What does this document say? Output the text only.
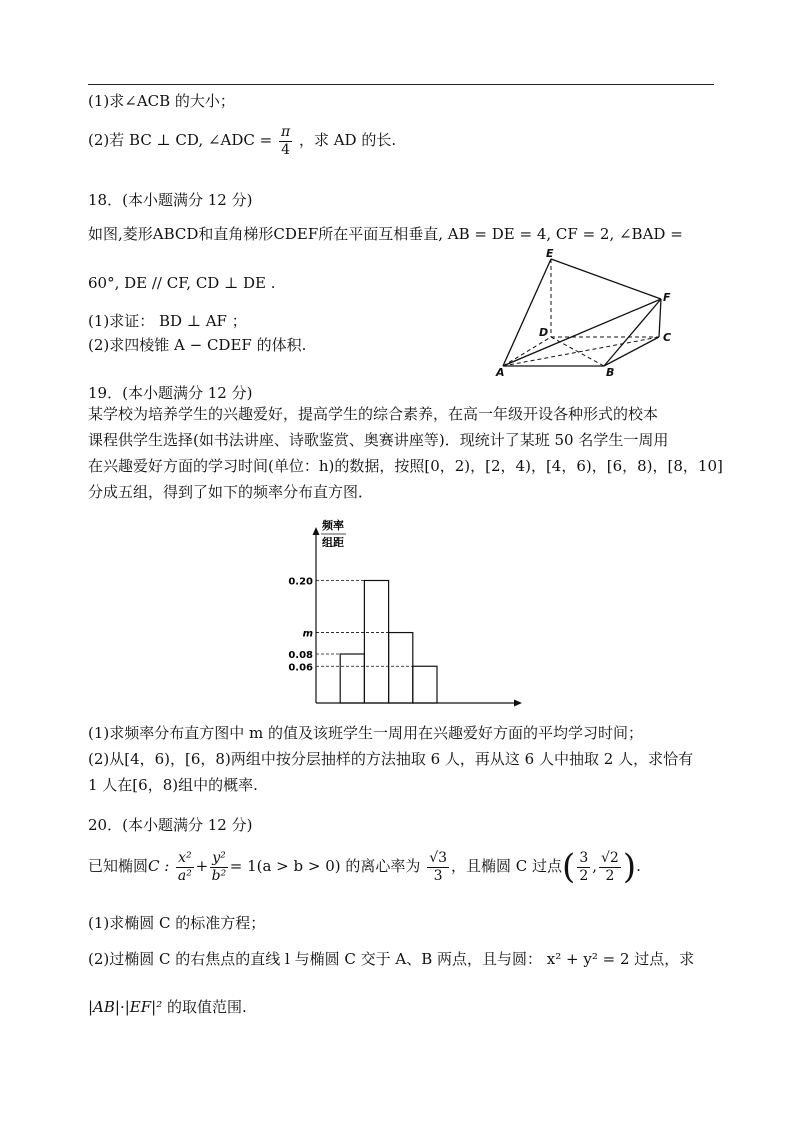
(1)求∠ACB 的大小；
(2)若 BC ⊥ CD, ∠ADC = $\frac{\pi}{4}$ ，求 AD 的长.
18．(本小题满分 12 分)
如图,菱形ABCD和直角梯形CDEF所在平面互相垂直, AB = DE = 4, CF = 2, ∠BAD =
60°, DE // CF, CD ⊥ DE .
(1)求证： BD ⊥ AF ；
(2)求四棱锥 A − CDEF 的体积.
E
F
D	C
A	B
19．(本小题满分 12 分)
某学校为培养学生的兴趣爱好，提高学生的综合素养，在高一年级开设各种形式的校本
课程供学生选择(如书法讲座、诗歌鉴赏、奥赛讲座等)．现统计了某班 50 名学生一周用
在兴趣爱好方面的学习时间(单位：h)的数据，按照[0，2)，[2，4)，[4，6)，[6，8)，[8，10]
分成五组，得到了如下的频率分布直方图．
频率
组距
0.20
m
0.08
0.06
(1)求频率分布直方图中 m 的值及该班学生一周用在兴趣爱好方面的平均学习时间；
(2)从[4，6)，[6，8)两组中按分层抽样的方法抽取 6 人，再从这 6 人中抽取 2 人，求恰有
1 人在[6，8)组中的概率.
20．(本小题满分 12 分)
已知椭圆C : $\frac{\text{x²}}{\text{a²}} + \frac{\text{y²}}{\text{b²}} = 1(a > b > 0)$ 的离心率为 $\frac{√3}{3}$ ，且椭圆 C 过点( $\frac{3}{2}$ , $\frac{√2}{2}$ ).
(1)求椭圆 C 的标准方程；
(2)过椭圆 C 的右焦点的直线 l 与椭圆 C 交于 A、B 两点，且与圆： x² + y² = 2 过点，求
|AB|·|EF|² 的取值范围.
